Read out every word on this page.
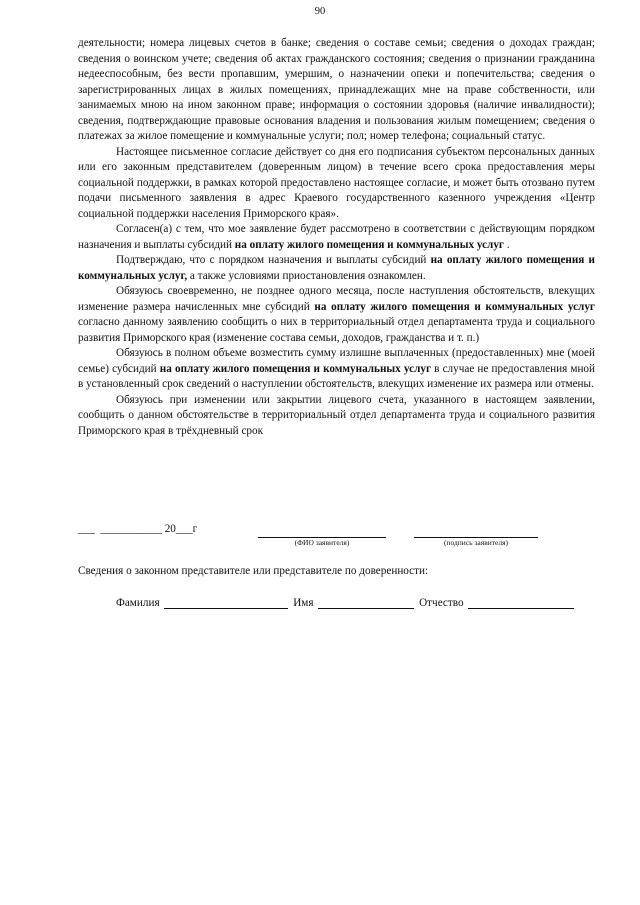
90

деятельности; номера лицевых счетов в банке; сведения о составе семьи; сведения о доходах граждан; сведения о воинском учете; сведения об актах гражданского состояния; сведения о признании гражданина недееспособным, без вести пропавшим, умершим, о назначении опеки и попечительства; сведения о зарегистрированных лицах в жилых помещениях, принадлежащих мне на праве собственности, или занимаемых мною на ином законном праве; информация о состоянии здоровья (наличие инвалидности); сведения, подтверждающие правовые основания владения и пользования жилым помещением; сведения о платежах за жилое помещение и коммунальные услуги; пол; номер телефона; социальный статус.

Настоящее письменное согласие действует со дня его подписания субъектом персональных данных или его законным представителем (доверенным лицом) в течение всего срока предоставления меры социальной поддержки, в рамках которой предоставлено настоящее согласие, и может быть отозвано путем подачи письменного заявления в адрес Краевого государственного казенного учреждения «Центр социальной поддержки населения Приморского края».

Согласен(а) с тем, что мое заявление будет рассмотрено в соответствии с действующим порядком назначения и выплаты субсидий на оплату жилого помещения и коммунальных услуг .

Подтверждаю, что с порядком назначения и выплаты субсидий на оплату жилого помещения и коммунальных услуг, а также условиями приостановления ознакомлен.

Обязуюсь своевременно, не позднее одного месяца, после наступления обстоятельств, влекущих изменение размера начисленных мне субсидий на оплату жилого помещения и коммунальных услуг согласно данному заявлению сообщить о них в территориальный отдел департамента труда и социального развития Приморского края (изменение состава семьи, доходов, гражданства и т. п.)

Обязуюсь в полном объеме возместить сумму излишне выплаченных (предоставленных) мне (моей семье) субсидий на оплату жилого помещения и коммунальных услуг в случае не предоставления мной в установленный срок сведений о наступлении обстоятельств, влекущих изменение их размера или отмены.

Обязуюсь при изменении или закрытии лицевого счета, указанного в настоящем заявлении, сообщить о данном обстоятельстве в территориальный отдел департамента труда и социального развития Приморского края в трёхдневный срок

___  ___________ 20___г
(ФИО заявителя)	(подпись заявителя)
Сведения о законном представителе или представителе по доверенности:
Фамилия	Имя	Отчество
